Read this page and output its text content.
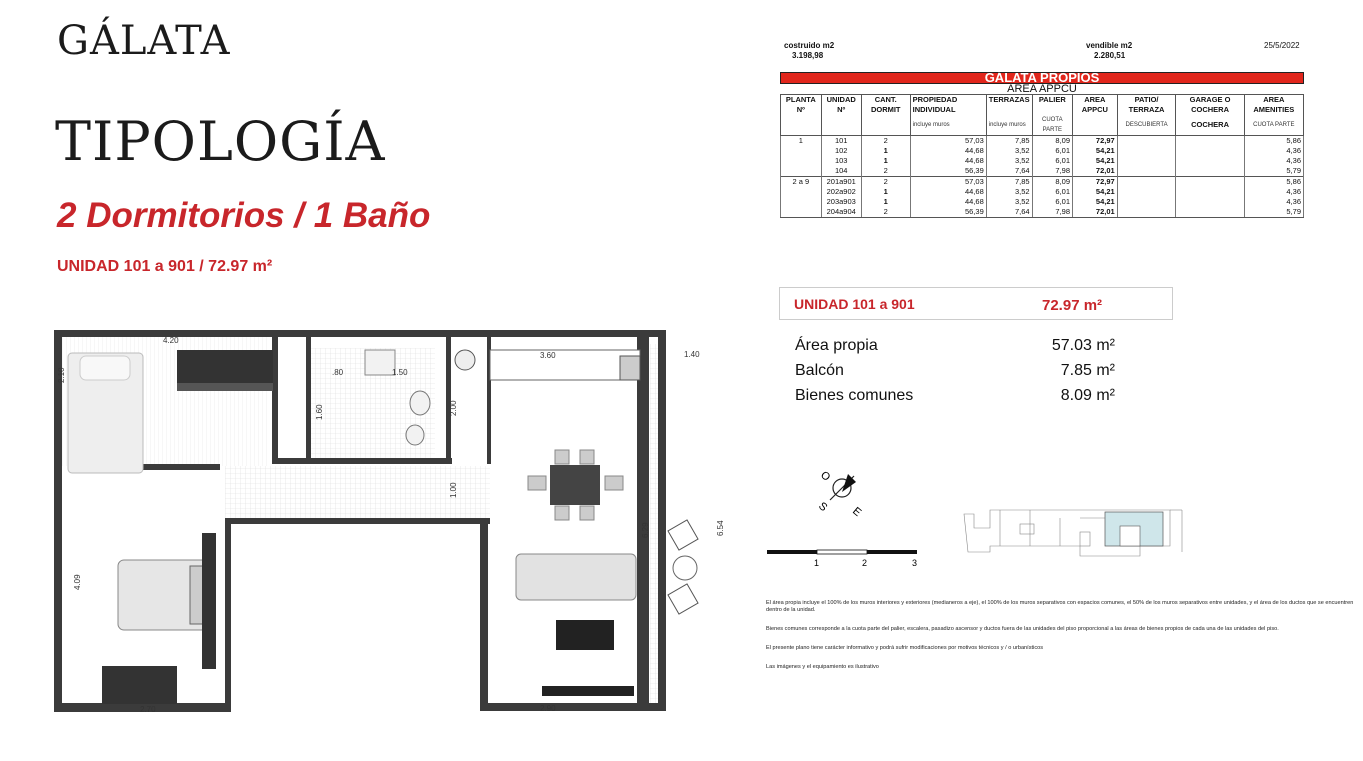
GÁLATA
TIPOLOGÍA
2 Dormitorios / 1 Baño
UNIDAD 101 a 901 / 72.97 m²
costruido m2
3.198,98
vendible m2
2.280,51
25/5/2022
GÁLATA PROPIOS									
AREA APPCU									
PLANTA Nº	UNIDAD Nº	CANT. DORMIT	PROPIEDAD INDIVIDUAL	TERRAZAS	PALIER	AREA APPCU	PATIO/ TERRAZA	GARAGE O COCHERA	AREA AMENITIES
			incluye muros	incluye muros	CUOTA PARTE		DESCUBIERTA	COCHERA	CUOTA PARTE
1	101	2	57,03	7,85	8,09	72,97			5,86
	102	1	44,68	3,52	6,01	54,21			4,36
	103	1	44,68	3,52	6,01	54,21			4,36
	104	2	56,39	7,64	7,98	72,01			5,79
2 a 9	201a901	2	57,03	7,85	8,09	72,97			5,86
	202a902	1	44,68	3,52	6,01	54,21			4,36
	203a903	1	44,68	3,52	6,01	54,21			4,36
	204a904	2	56,39	7,64	7,98	72,01			5,79
UNIDAD 101 a 901	72.97 m²
Área propia	57.03 m²
Balcón	7.85 m²
Bienes comunes	8.09 m²
O
S E
1	2	3
4.20
2.10	.80	1.50
1.60	2.00
3.60	1.40
1.00
6.29	6.54
4.09
2.70	2.90

El área propia incluye el 100% de los muros interiores y exteriores (medianeros a eje), el 100% de los muros separativos con espacios comunes, el 50% de los muros separativos entre unidades, y el área de los ductos que se encuentren dentro de la unidad.

Bienes comunes corresponde a la cuota parte del palier, escalera, pasadizo ascensor y ductos fuera de las unidades del piso proporcional a las áreas de bienes propios de cada una de las unidades del piso.

El presente plano tiene carácter informativo y podrá sufrir modificaciones por motivos técnicos y / o urbanísticos

Las imágenes y el equipamiento es ilustrativo
